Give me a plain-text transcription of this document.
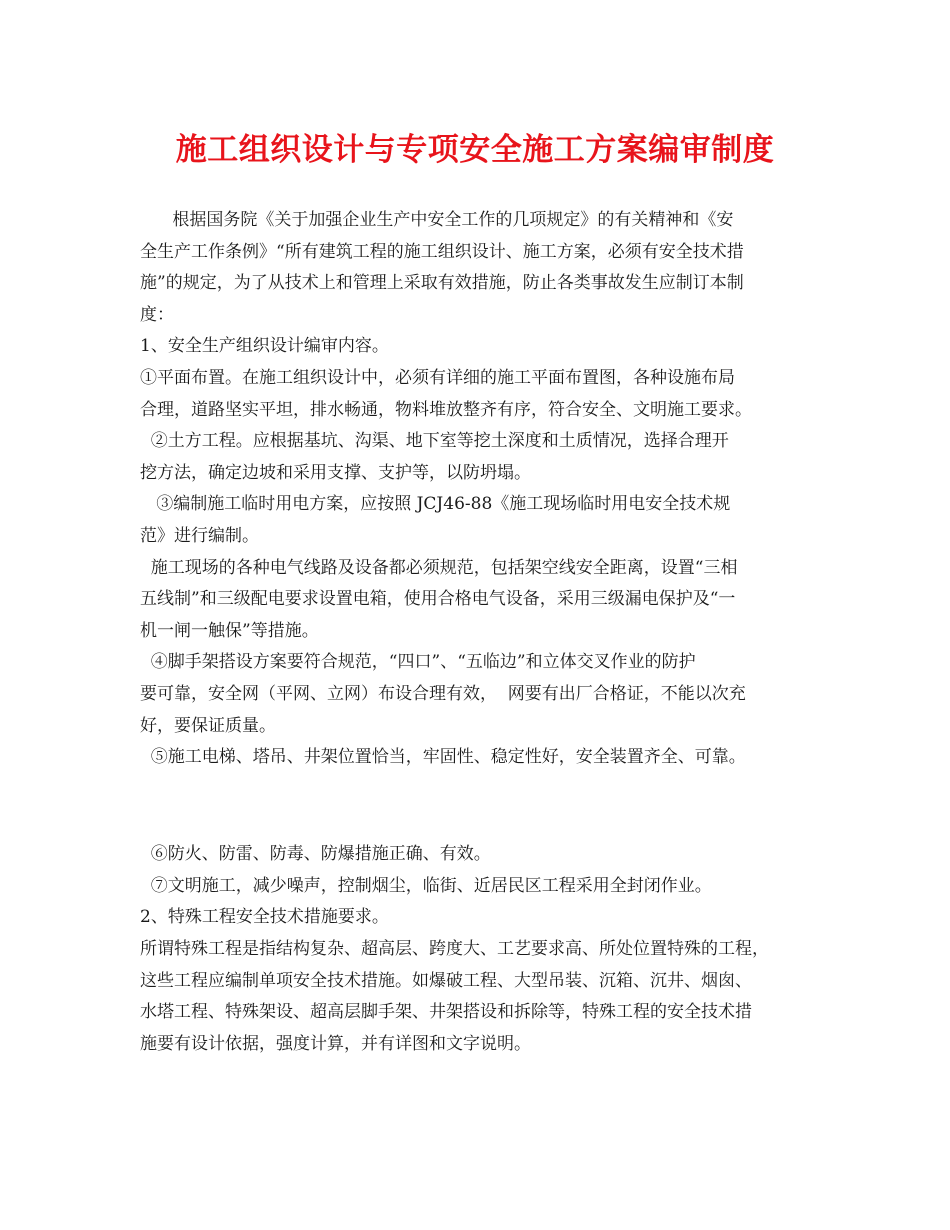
施工组织设计与专项安全施工方案编审制度

根据国务院《关于加强企业生产中安全工作的几项规定》的有关精神和《安

全生产工作条例》“所有建筑工程的施工组织设计、施工方案，必须有安全技术措

施”的规定，为了从技术上和管理上采取有效措施，防止各类事故发生应制订本制

度：

1、安全生产组织设计编审内容。

①平面布置。在施工组织设计中，必须有详细的施工平面布置图，各种设施布局

合理，道路坚实平坦，排水畅通，物料堆放整齐有序，符合安全、文明施工要求。

②土方工程。应根据基坑、沟渠、地下室等挖土深度和土质情况，选择合理开

挖方法，确定边坡和采用支撑、支护等，以防坍塌。

③编制施工临时用电方案，应按照 JCJ46-88《施工现场临时用电安全技术规

范》进行编制。

施工现场的各种电气线路及设备都必须规范，包括架空线安全距离，设置“三相

五线制”和三级配电要求设置电箱，使用合格电气设备，采用三级漏电保护及“一

机一闸一触保”等措施。

④脚手架搭设方案要符合规范，“四口”、“五临边”和立体交叉作业的防护

要可靠，安全网（平网、立网）布设合理有效，  网要有出厂合格证，不能以次充

好，要保证质量。

⑤施工电梯、塔吊、井架位置恰当，牢固性、稳定性好，安全装置齐全、可靠。

⑥防火、防雷、防毒、防爆措施正确、有效。

⑦文明施工，减少噪声，控制烟尘，临街、近居民区工程采用全封闭作业。

2、特殊工程安全技术措施要求。

所谓特殊工程是指结构复杂、超高层、跨度大、工艺要求高、所处位置特殊的工程，

这些工程应编制单项安全技术措施。如爆破工程、大型吊装、沉箱、沉井、烟囱、

水塔工程、特殊架设、超高层脚手架、井架搭设和拆除等，特殊工程的安全技术措

施要有设计依据，强度计算，并有详图和文字说明。
